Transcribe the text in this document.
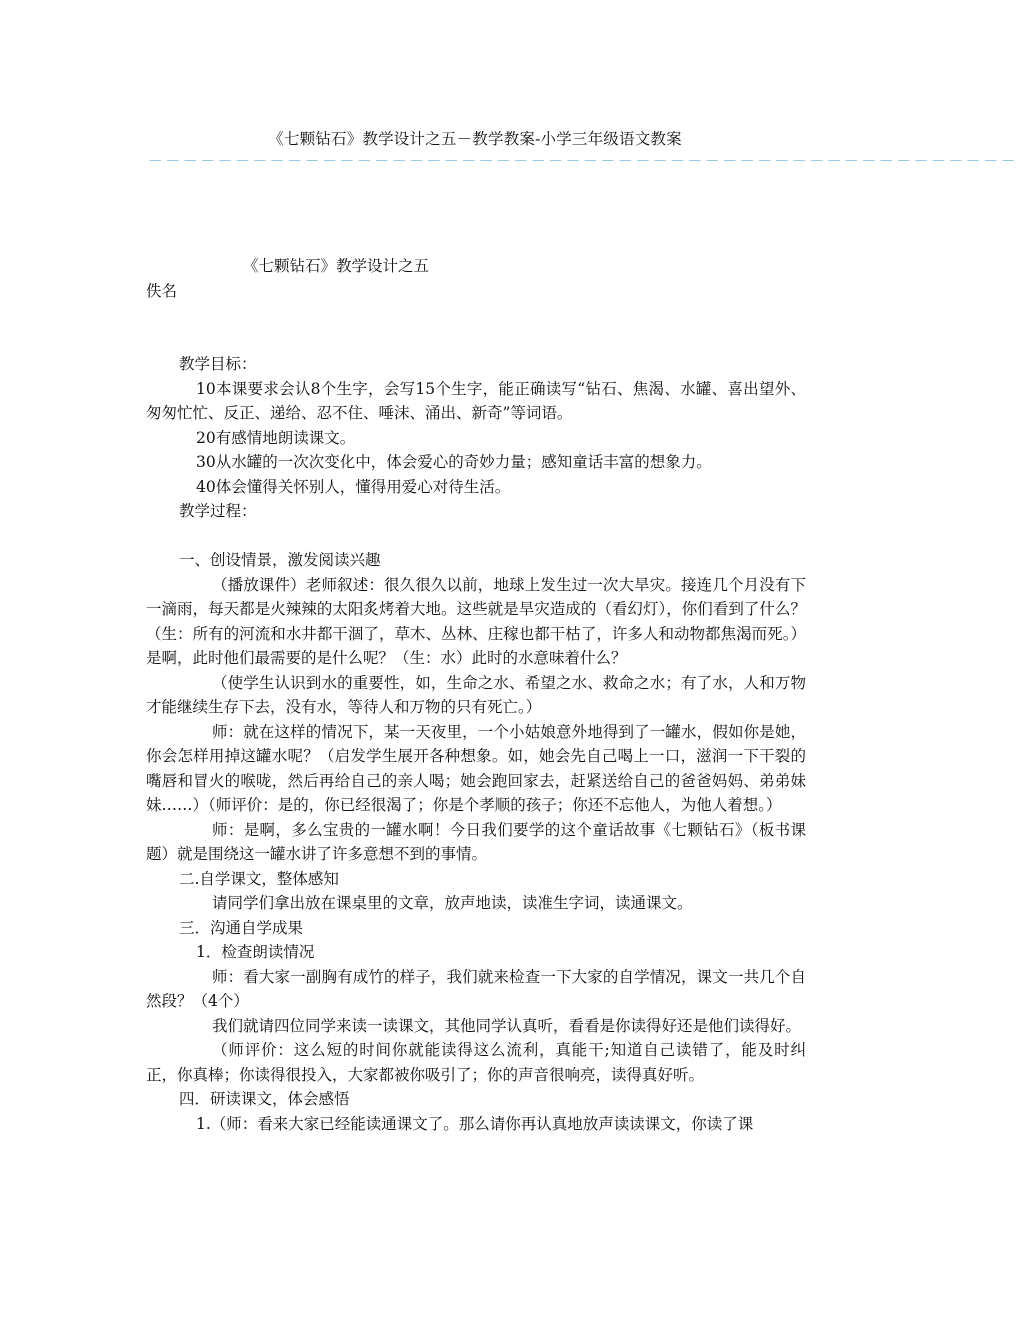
《七颗钻石》教学设计之五－教学教案-小学三年级语文教案
－－－－－－－－－－－－－－－－－－－－－－－－－－－－－－－－－－－－－－－－－－－－－－－－－－
《七颗钻石》教学设计之五
佚名

教学目标：

10本课要求会认8个生字，会写15个生字，能正确读写“钻石、焦渴、水罐、喜出望外、匆匆忙忙、反正、递给、忍不住、唾沫、涌出、新奇”等词语。

20有感情地朗读课文。

30从水罐的一次次变化中，体会爱心的奇妙力量；感知童话丰富的想象力。

40体会懂得关怀别人，懂得用爱心对待生活。

教学过程：

一、创设情景，激发阅读兴趣

（播放课件）老师叙述：很久很久以前，地球上发生过一次大旱灾。接连几个月没有下一滴雨，每天都是火辣辣的太阳炙烤着大地。这些就是旱灾造成的（看幻灯），你们看到了什么？（生：所有的河流和水井都干涸了，草木、丛林、庄稼也都干枯了，许多人和动物都焦渴而死。）是啊，此时他们最需要的是什么呢？（生：水）此时的水意味着什么？

（使学生认识到水的重要性，如，生命之水、希望之水、救命之水；有了水，人和万物才能继续生存下去，没有水，等待人和万物的只有死亡。）

师：就在这样的情况下，某一天夜里，一个小姑娘意外地得到了一罐水，假如你是她，你会怎样用掉这罐水呢？（启发学生展开各种想象。如，她会先自己喝上一口，滋润一下干裂的嘴唇和冒火的喉咙，然后再给自己的亲人喝；她会跑回家去，赶紧送给自己的爸爸妈妈、弟弟妹妹……）（师评价：是的，你已经很渴了；你是个孝顺的孩子；你还不忘他人，为他人着想。）

师：是啊，多么宝贵的一罐水啊！今日我们要学的这个童话故事《七颗钻石》（板书课题）就是围绕这一罐水讲了许多意想不到的事情。

二.自学课文，整体感知

请同学们拿出放在课桌里的文章，放声地读，读准生字词，读通课文。

三．沟通自学成果

1．检查朗读情况

师：看大家一副胸有成竹的样子，我们就来检查一下大家的自学情况，课文一共几个自然段？（4个）

我们就请四位同学来读一读课文，其他同学认真听，看看是你读得好还是他们读得好。

（师评价：这么短的时间你就能读得这么流利，真能干;知道自己读错了，能及时纠正，你真棒；你读得很投入，大家都被你吸引了；你的声音很响亮，读得真好听。

四．研读课文，体会感悟

1.（师：看来大家已经能读通课文了。那么请你再认真地放声读读课文，你读了课
